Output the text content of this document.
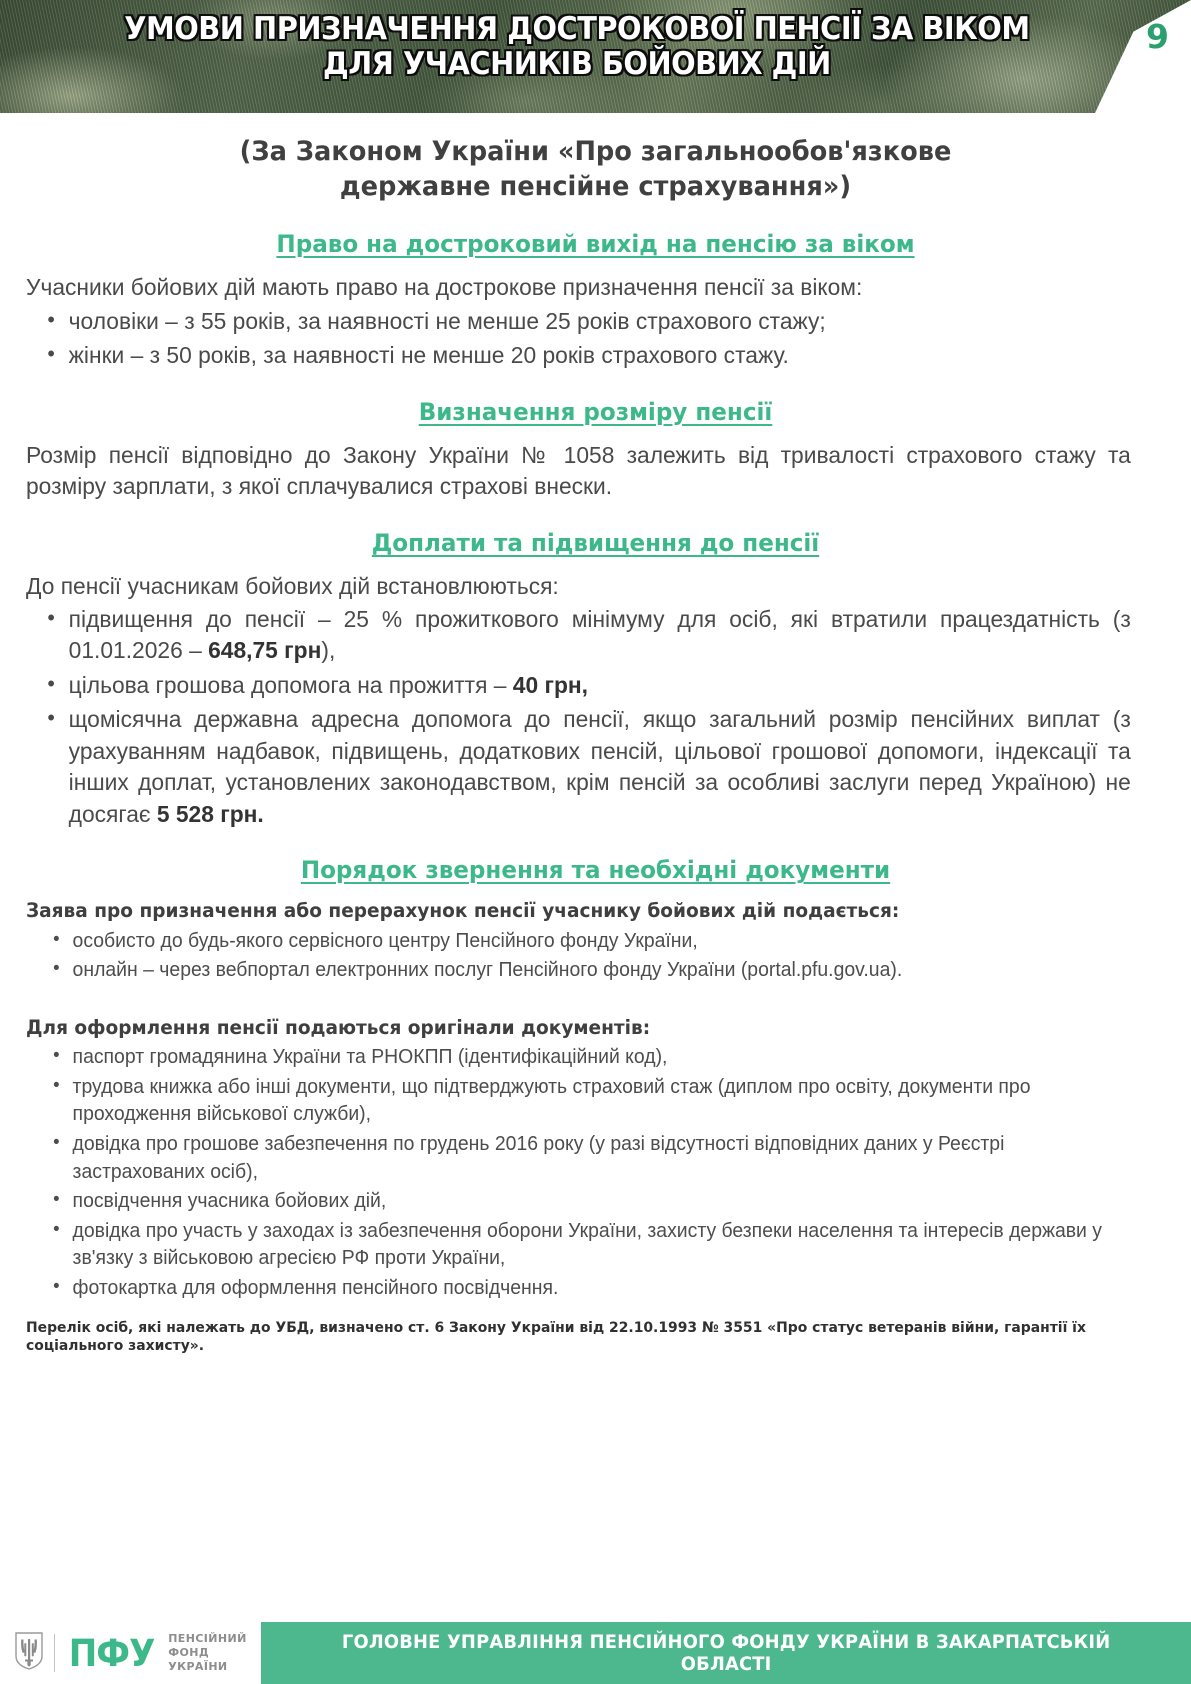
УМОВИ ПРИЗНАЧЕННЯ ДОСТРОКОВОЇ ПЕНСІЇ ЗА ВІКОМ
ДЛЯ УЧАСНИКІВ БОЙОВИХ ДІЙ
9
(За Законом України «Про загальнообов'язкове
державне пенсійне страхування»)
Право на достроковий вихід на пенсію за віком

Учасники бойових дій мають право на дострокове призначення пенсії за віком:

• чоловіки – з 55 років, за наявності не менше 25 років страхового стажу;
• жінки – з 50 років, за наявності не менше 20 років страхового стажу.
Визначення розміру пенсії

Розмір пенсії відповідно до Закону України № 1058 залежить від тривалості страхового стажу та розміру зарплати, з якої сплачувалися страхові внески.

Доплати та підвищення до пенсії

До пенсії учасникам бойових дій встановлюються:

• підвищення до пенсії – 25 % прожиткового мінімуму для осіб, які втратили працездатність (з 01.01.2026 – 648,75 грн),
• цільова грошова допомога на прожиття – 40 грн,
• щомісячна державна адресна допомога до пенсії, якщо загальний розмір пенсійних виплат (з урахуванням надбавок, підвищень, додаткових пенсій, цільової грошової допомоги, індексації та інших доплат, установлених законодавством, крім пенсій за особливі заслуги перед Україною) не досягає 5 528 грн.
Порядок звернення та необхідні документи
Заява про призначення або перерахунок пенсії учаснику бойових дій подається:
• особисто до будь-якого сервісного центру Пенсійного фонду України,
• онлайн – через вебпортал електронних послуг Пенсійного фонду України (portal.pfu.gov.ua).
Для оформлення пенсії подаються оригінали документів:
• паспорт громадянина України та РНОКПП (ідентифікаційний код),
• трудова книжка або інші документи, що підтверджують страховий стаж (диплом про освіту, документи про проходження військової служби),
• довідка про грошове забезпечення по грудень 2016 року (у разі відсутності відповідних даних у Реєстрі застрахованих осіб),
• посвідчення учасника бойових дій,
• довідка про участь у заходах із забезпечення оборони України, захисту безпеки населення та інтересів держави у зв'язку з військовою агресією РФ проти України,
• фотокартка для оформлення пенсійного посвідчення.
Перелік осіб, які належать до УБД, визначено ст. 6 Закону України від 22.10.1993 № 3551 «Про статус ветеранів війни, гарантії їх соціального захисту».
ПФУ ПЕНСІЙНИЙ
ФОНД
УКРАЇНИ
ГОЛОВНЕ УПРАВЛІННЯ ПЕНСІЙНОГО ФОНДУ УКРАЇНИ В ЗАКАРПАТСЬКІЙ ОБЛАСТІ
